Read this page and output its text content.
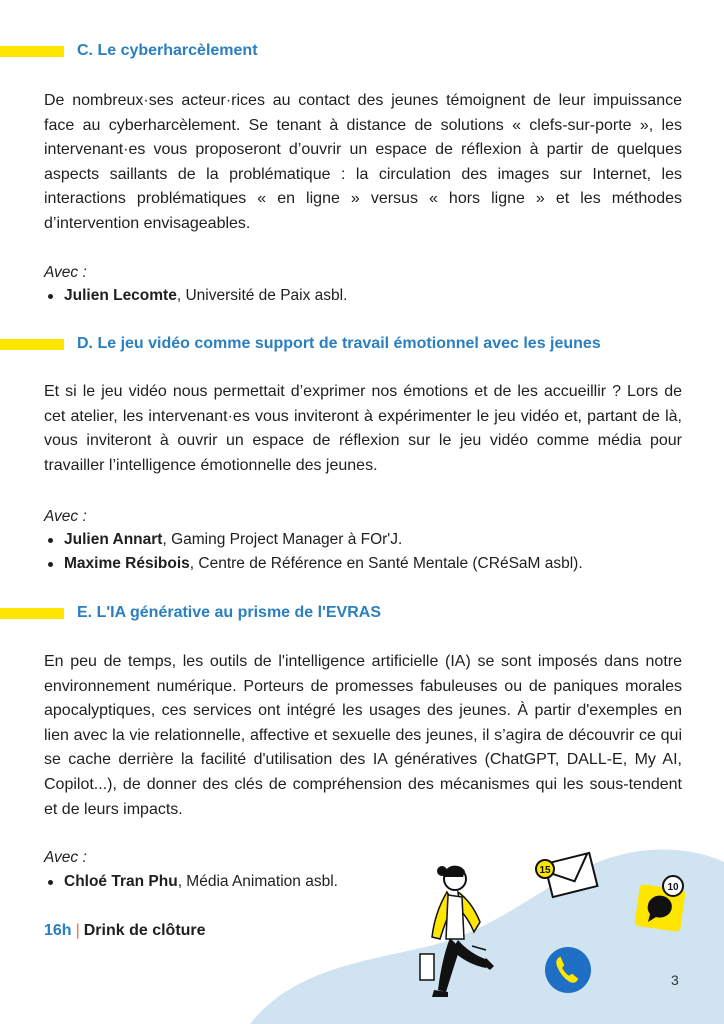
15
10
C. Le cyberharcèlement

De nombreux·ses acteur·rices au contact des jeunes témoignent de leur impuissance face au cyberharcèlement. Se tenant à distance de solutions « clefs-sur-porte », les intervenant·es vous proposeront d’ouvrir un espace de réflexion à partir de quelques aspects saillants de la problématique : la circulation des images sur Internet, les interactions problématiques « en ligne » versus « hors ligne » et les méthodes d’intervention envisageables.

Avec :
Julien Lecomte, Université de Paix asbl.
D. Le jeu vidéo comme support de travail émotionnel avec les jeunes

Et si le jeu vidéo nous permettait d’exprimer nos émotions et de les accueillir ? Lors de cet atelier, les intervenant·es vous inviteront à expérimenter le jeu vidéo et, partant de là, vous inviteront à ouvrir un espace de réflexion sur le jeu vidéo comme média pour travailler l’intelligence émotionnelle des jeunes.

Avec :
Julien Annart, Gaming Project Manager à FOr'J.
Maxime Résibois, Centre de Référence en Santé Mentale (CRéSaM asbl).
E. L'IA générative au prisme de l'EVRAS

En peu de temps, les outils de l'intelligence artificielle (IA) se sont imposés dans notre environnement numérique. Porteurs de promesses fabuleuses ou de paniques morales apocalyptiques, ces services ont intégré les usages des jeunes. À partir d'exemples en lien avec la vie relationnelle, affective et sexuelle des jeunes, il s’agira de découvrir ce qui se cache derrière la facilité d'utilisation des IA génératives (ChatGPT, DALL-E, My AI, Copilot...), de donner des clés de compréhension des mécanismes qui les sous-tendent et de leurs impacts.

Avec :
Chloé Tran Phu, Média Animation asbl.
16h | Drink de clôture
3
